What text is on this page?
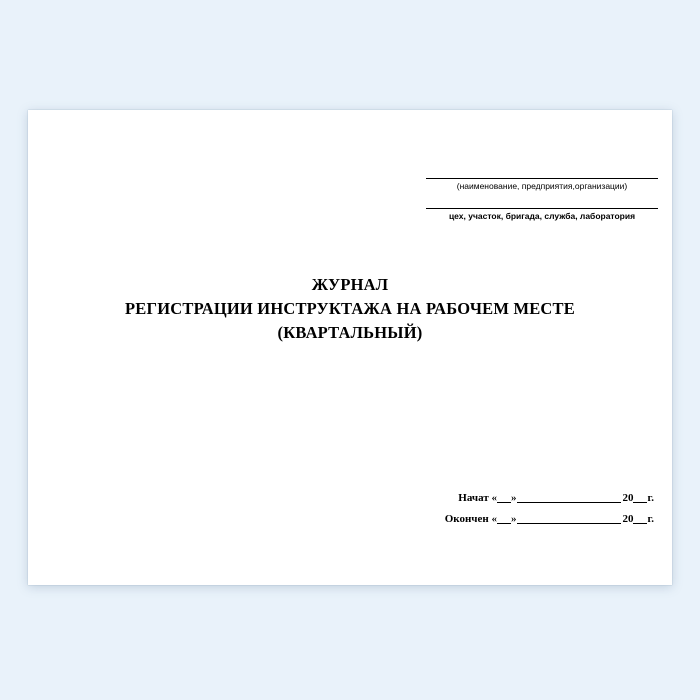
(наименование, предприятия,организации)
цех, участок, бригада, служба, лаборатория
ЖУРНАЛ
РЕГИСТРАЦИИ ИНСТРУКТАЖА НА РАБОЧЕМ МЕСТЕ
(КВАРТАЛЬНЫЙ)
Начат « »	20 г.
Окончен « »	20 г.
